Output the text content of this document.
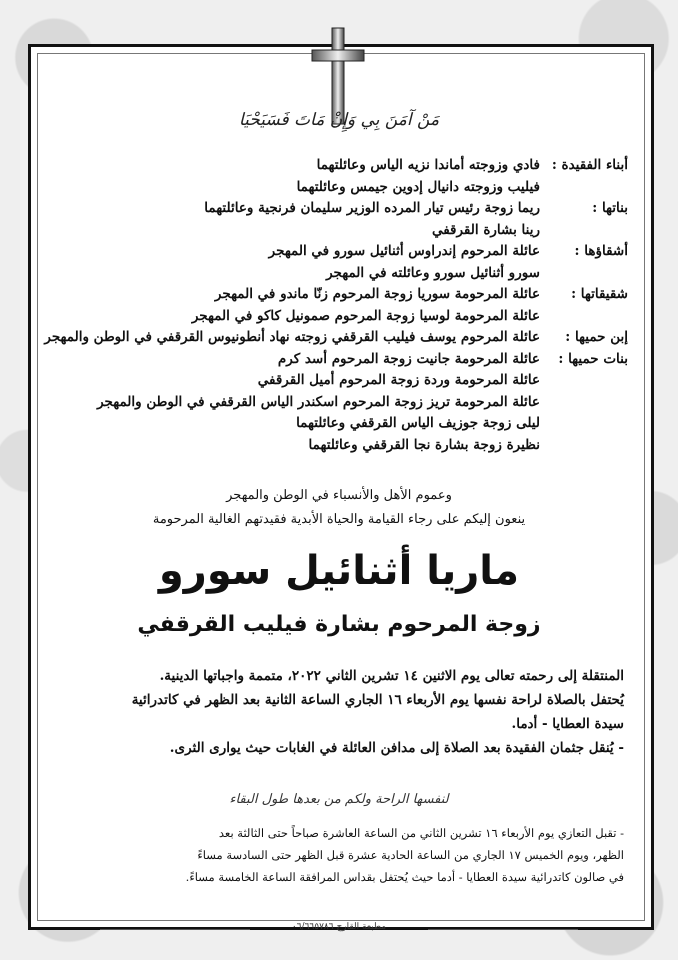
مَنْ آمَنَ بِي وَإِنْ مَاتَ فَسَيَحْيَا
أبناء الفقيدة :
فادي وزوجته أماندا نزيه الياس وعائلتهما
فيليب وزوجته دانيال إدوين جيمس وعائلتهما
بناتها :
ريما زوجة رئيس تيار المرده الوزير سليمان فرنجية وعائلتهما
رينا بشارة القرقفي
أشقاؤها :
عائلة المرحوم إندراوس أثنائيل سورو في المهجر
سورو أثنائيل سورو وعائلته في المهجر
شقيقاتها :
عائلة المرحومة سوريا زوجة المرحوم زنّا ماندو في المهجر
عائلة المرحومة لوسيا زوجة المرحوم صمونيل كاكو في المهجر
إبن حميها :
عائلة المرحوم يوسف فيليب القرقفي زوجته نهاد أنطونيوس القرقفي في الوطن والمهجر
بنات حميها :
عائلة المرحومة جانيت زوجة المرحوم أسد كرم
عائلة المرحومة وردة زوجة المرحوم أميل القرقفي
عائلة المرحومة تريز زوجة المرحوم اسكندر الياس القرقفي في الوطن والمهجر
ليلى زوجة جوزيف الياس القرقفي وعائلتهما
نظيرة زوجة بشارة نجا القرقفي وعائلتهما
وعموم الأهل والأنسباء في الوطن والمهجر
ينعون إليكم على رجاء القيامة والحياة الأبدية فقيدتهم الغالية المرحومة
ماريا أثنائيل سورو
زوجة المرحوم بشارة فيليب القرقفي
المنتقلة إلى رحمته تعالى يوم الاثنين ١٤ تشرين الثاني ٢٠٢٢، متممة واجباتها الدينية.
يُحتفل بالصلاة لراحة نفسها يوم الأربعاء ١٦ الجاري الساعة الثانية بعد الظهر في كاتدرائية
سيدة العطايا - أدما.
- يُنقل جثمان الفقيدة بعد الصلاة إلى مدافن العائلة في الغابات حيث يوارى الثرى.
لنفسها الراحة ولكم من بعدها طول البقاء
- تقبل التعازي يوم الأربعاء ١٦ تشرين الثاني من الساعة العاشرة صباحاً حتى الثالثة بعد
الظهر، ويوم الخميس ١٧ الجاري من الساعة الحادية عشرة قبل الظهر حتى السادسة مساءً
في صالون كاتدرائية سيدة العطايا - أدما حيث يُحتفل بقداس المرافقة الساعة الخامسة مساءً.
مطبعة القارح ٠٦/٦٦٥٧٨٦
